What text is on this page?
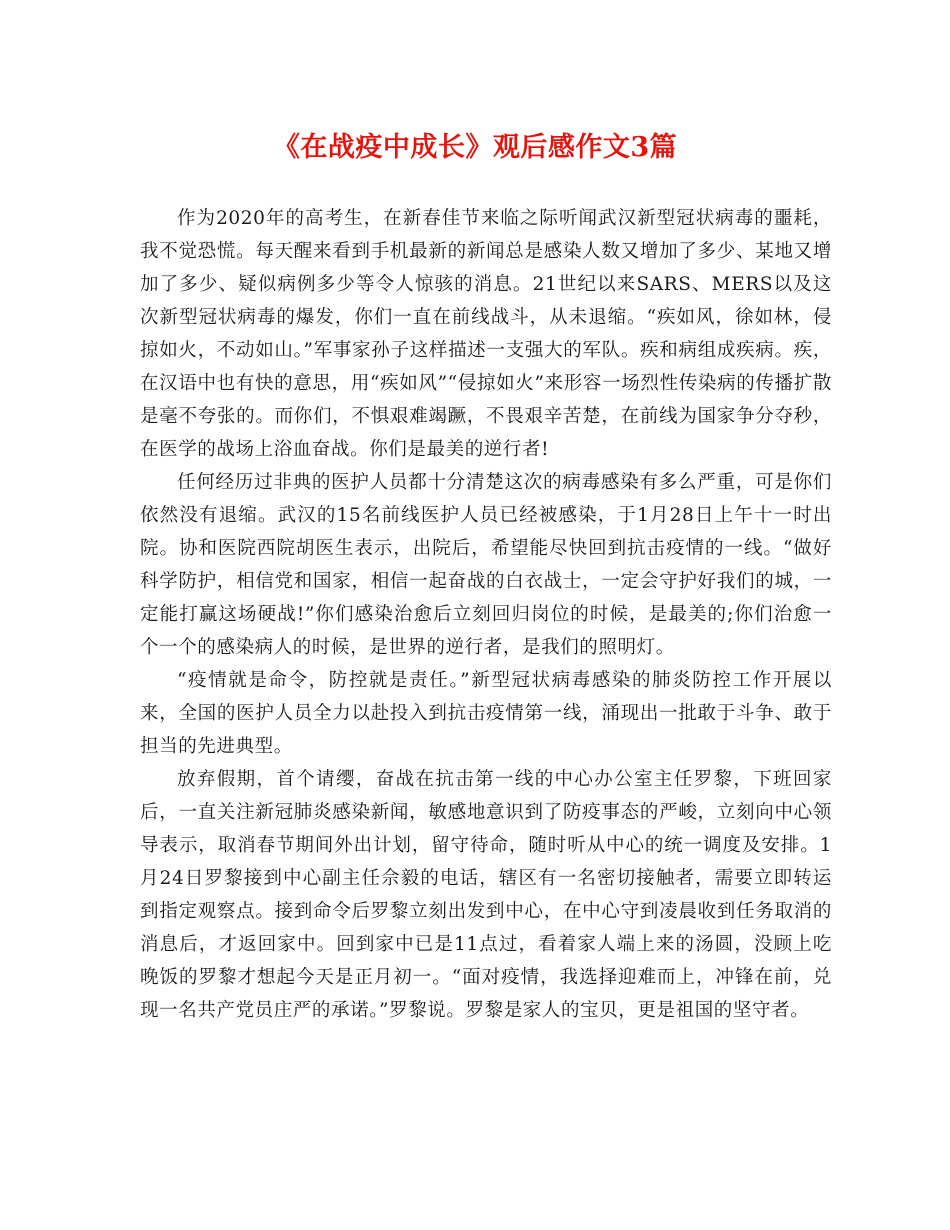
《在战疫中成长》观后感作文3篇

作为2020年的高考生，在新春佳节来临之际听闻武汉新型冠状病毒的噩耗，我不觉恐慌。每天醒来看到手机最新的新闻总是感染人数又增加了多少、某地又增加了多少、疑似病例多少等令人惊骇的消息。21世纪以来SARS、MERS以及这次新型冠状病毒的爆发，你们一直在前线战斗，从未退缩。“疾如风，徐如林，侵掠如火，不动如山。”军事家孙子这样描述一支强大的军队。疾和病组成疾病。疾，在汉语中也有快的意思，用“疾如风”“侵掠如火”来形容一场烈性传染病的传播扩散是毫不夸张的。而你们，不惧艰难竭蹶，不畏艰辛苦楚，在前线为国家争分夺秒，在医学的战场上浴血奋战。你们是最美的逆行者!

任何经历过非典的医护人员都十分清楚这次的病毒感染有多么严重，可是你们依然没有退缩。武汉的15名前线医护人员已经被感染，于1月28日上午十一时出院。协和医院西院胡医生表示，出院后，希望能尽快回到抗击疫情的一线。“做好科学防护，相信党和国家，相信一起奋战的白衣战士，一定会守护好我们的城，一定能打赢这场硬战!”你们感染治愈后立刻回归岗位的时候，是最美的;你们治愈一个一个的感染病人的时候，是世界的逆行者，是我们的照明灯。

“疫情就是命令，防控就是责任。”新型冠状病毒感染的肺炎防控工作开展以来，全国的医护人员全力以赴投入到抗击疫情第一线，涌现出一批敢于斗争、敢于担当的先进典型。

放弃假期，首个请缨，奋战在抗击第一线的中心办公室主任罗黎，下班回家后，一直关注新冠肺炎感染新闻，敏感地意识到了防疫事态的严峻，立刻向中心领导表示，取消春节期间外出计划，留守待命，随时听从中心的统一调度及安排。1月24日罗黎接到中心副主任佘毅的电话，辖区有一名密切接触者，需要立即转运到指定观察点。接到命令后罗黎立刻出发到中心，在中心守到凌晨收到任务取消的消息后，才返回家中。回到家中已是11点过，看着家人端上来的汤圆，没顾上吃晚饭的罗黎才想起今天是正月初一。“面对疫情，我选择迎难而上，冲锋在前，兑现一名共产党员庄严的承诺。”罗黎说。罗黎是家人的宝贝，更是祖国的坚守者。
